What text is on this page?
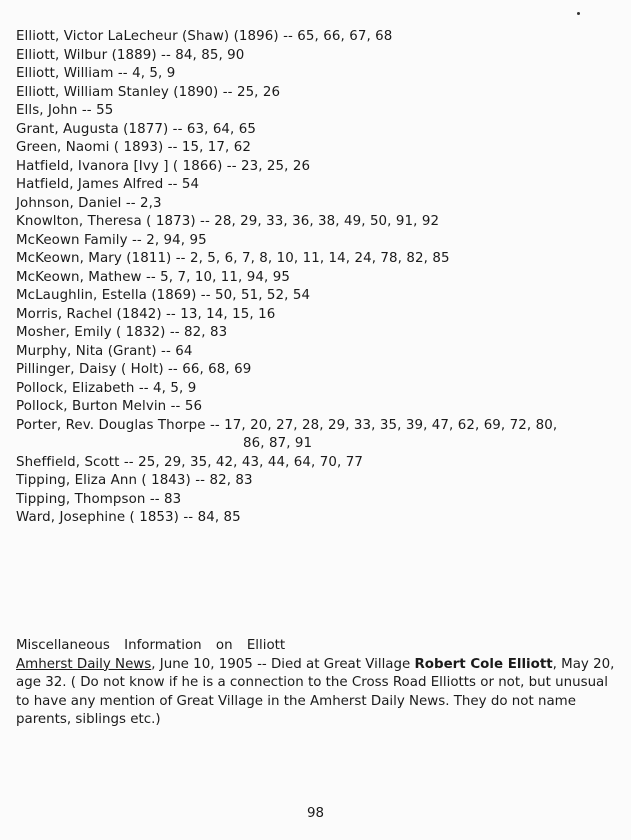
Elliott, Victor LaLecheur (Shaw) (1896) -- 65, 66, 67, 68
Elliott, Wilbur (1889) -- 84, 85, 90
Elliott, William -- 4, 5, 9
Elliott, William Stanley (1890) -- 25, 26
Ells, John -- 55
Grant, Augusta (1877) -- 63, 64, 65
Green, Naomi ( 1893) -- 15, 17, 62
Hatfield, Ivanora [Ivy ] ( 1866) -- 23, 25, 26
Hatfield, James Alfred -- 54
Johnson, Daniel -- 2,3
Knowlton, Theresa ( 1873) -- 28, 29, 33, 36, 38, 49, 50, 91, 92
McKeown Family -- 2, 94, 95
McKeown, Mary (1811) -- 2, 5, 6, 7, 8, 10, 11, 14, 24, 78, 82, 85
McKeown, Mathew -- 5, 7, 10, 11, 94, 95
McLaughlin, Estella (1869) -- 50, 51, 52, 54
Morris, Rachel (1842) -- 13, 14, 15, 16
Mosher, Emily ( 1832) -- 82, 83
Murphy, Nita (Grant) -- 64
Pillinger, Daisy ( Holt) -- 66, 68, 69
Pollock, Elizabeth -- 4, 5, 9
Pollock, Burton Melvin -- 56
Porter, Rev. Douglas Thorpe -- 17, 20, 27, 28, 29, 33, 35, 39, 47, 62, 69, 72, 80,
86, 87, 91
Sheffield, Scott -- 25, 29, 35, 42, 43, 44, 64, 70, 77
Tipping, Eliza Ann ( 1843) -- 82, 83
Tipping, Thompson -- 83
Ward, Josephine ( 1853) -- 84, 85
Miscellaneous Information on Elliott
Amherst Daily News, June 10, 1905 -- Died at Great Village Robert Cole Elliott, May 20, age 32. ( Do not know if he is a connection to the Cross Road Elliotts or not, but unusual to have any mention of Great Village in the Amherst Daily News. They do not name parents, siblings etc.)
98
